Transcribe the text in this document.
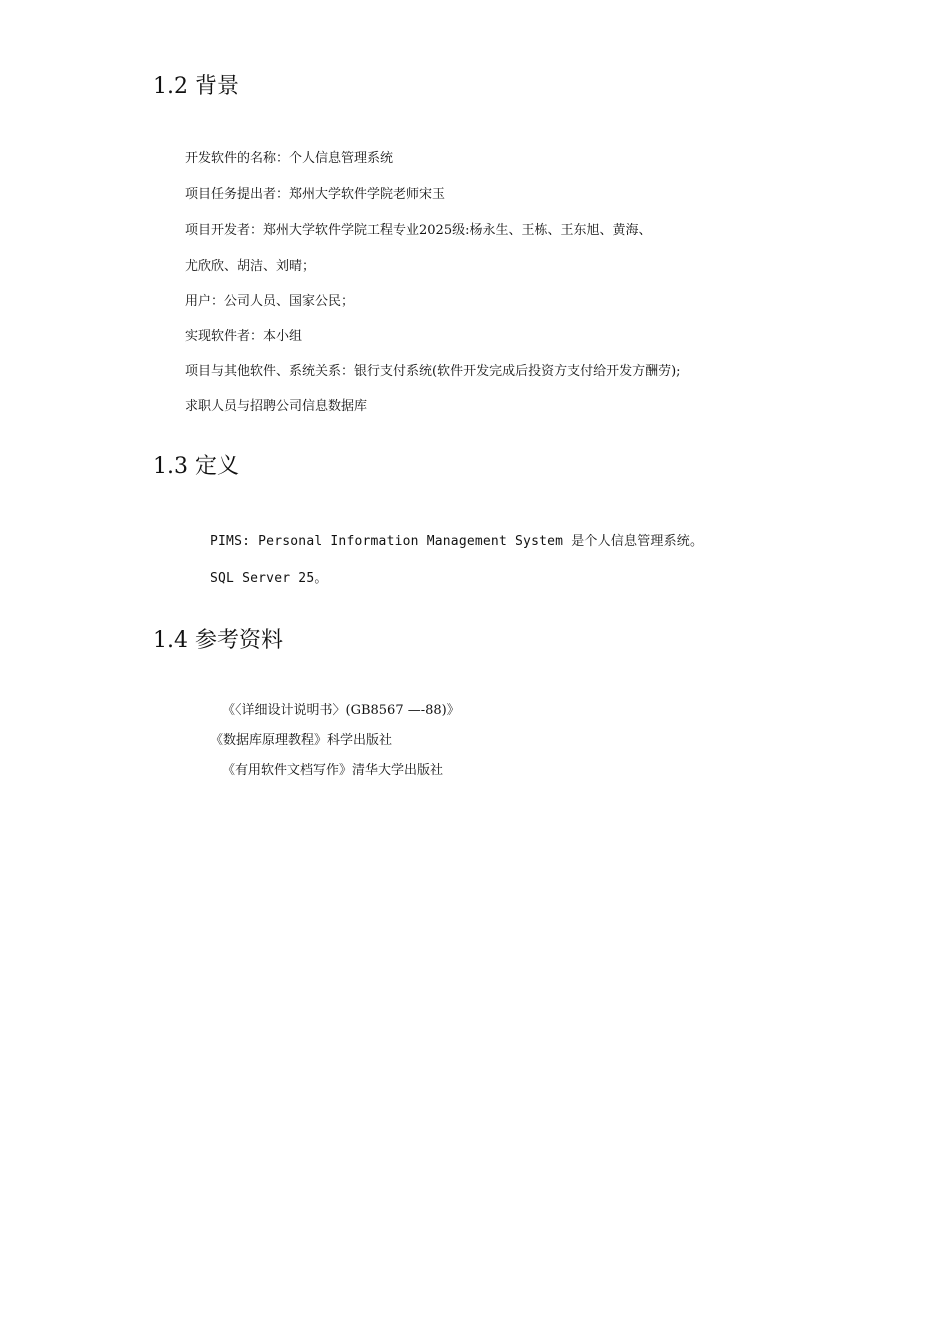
1.2 背景

开发软件的名称：个人信息管理系统

项目任务提出者：郑州大学软件学院老师宋玉

项目开发者：郑州大学软件学院工程专业2025级:杨永生、王栋、王东旭、黄海、

尤欣欣、胡洁、刘晴；

用户：公司人员、国家公民；

实现软件者：本小组

项目与其他软件、系统关系：银行支付系统(软件开发完成后投资方支付给开发方酬劳);

求职人员与招聘公司信息数据库

1.3 定义

PIMS: Personal Information Management System 是个人信息管理系统。

SQL Server 25。

1.4 参考资料

《〈详细设计说明书〉(GB8567 —-88)》

《数据库原理教程》科学出版社

《有用软件文档写作》清华大学出版社
